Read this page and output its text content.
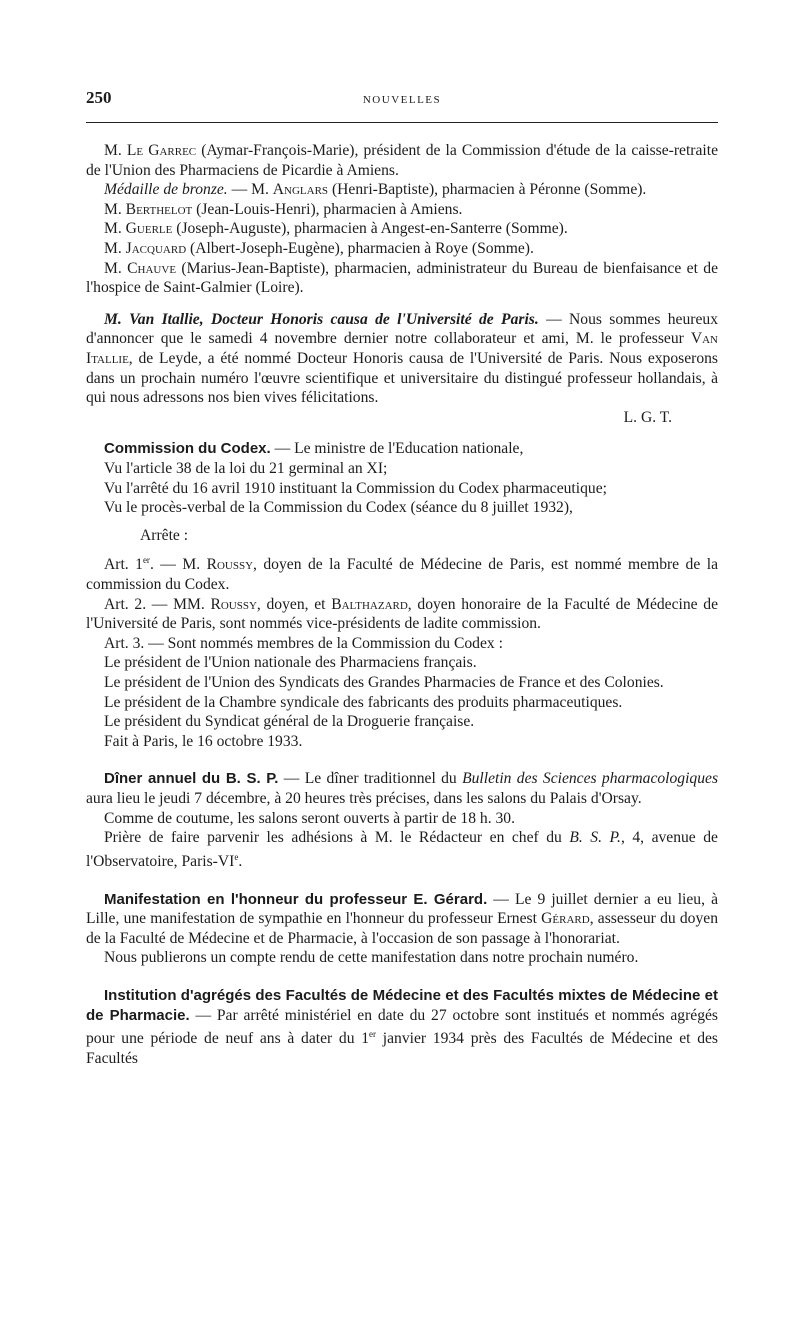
250	NOUVELLES

M. Le Garrec (Aymar-François-Marie), président de la Commission d'étude de la caisse-retraite de l'Union des Pharmaciens de Picardie à Amiens.

Médaille de bronze. — M. Anglars (Henri-Baptiste), pharmacien à Péronne (Somme).

M. Berthelot (Jean-Louis-Henri), pharmacien à Amiens.

M. Guerle (Joseph-Auguste), pharmacien à Angest-en-Santerre (Somme).

M. Jacquard (Albert-Joseph-Eugène), pharmacien à Roye (Somme).

M. Chauve (Marius-Jean-Baptiste), pharmacien, administrateur du Bureau de bienfaisance et de l'hospice de Saint-Galmier (Loire).

M. Van Itallie, Docteur Honoris causa de l'Université de Paris. — Nous sommes heureux d'annoncer que le samedi 4 novembre dernier notre collaborateur et ami, M. le professeur Van Itallie, de Leyde, a été nommé Docteur Honoris causa de l'Université de Paris. Nous exposerons dans un prochain numéro l'œuvre scientifique et universitaire du distingué professeur hollandais, à qui nous adressons nos bien vives félicitations.

L. G. T.

Commission du Codex. — Le ministre de l'Education nationale,

Vu l'article 38 de la loi du 21 germinal an XI;

Vu l'arrêté du 16 avril 1910 instituant la Commission du Codex pharmaceutique;

Vu le procès-verbal de la Commission du Codex (séance du 8 juillet 1932),

Arrête :

Art. 1er. — M. Roussy, doyen de la Faculté de Médecine de Paris, est nommé membre de la commission du Codex.

Art. 2. — MM. Roussy, doyen, et Balthazard, doyen honoraire de la Faculté de Médecine de l'Université de Paris, sont nommés vice-présidents de ladite commission.

Art. 3. — Sont nommés membres de la Commission du Codex :

Le président de l'Union nationale des Pharmaciens français.

Le président de l'Union des Syndicats des Grandes Pharmacies de France et des Colonies.

Le président de la Chambre syndicale des fabricants des produits pharmaceutiques.

Le président du Syndicat général de la Droguerie française.

Fait à Paris, le 16 octobre 1933.

Dîner annuel du B. S. P. — Le dîner traditionnel du Bulletin des Sciences pharmacologiques aura lieu le jeudi 7 décembre, à 20 heures très précises, dans les salons du Palais d'Orsay.

Comme de coutume, les salons seront ouverts à partir de 18 h. 30.

Prière de faire parvenir les adhésions à M. le Rédacteur en chef du B. S. P., 4, avenue de l'Observatoire, Paris-VIe.

Manifestation en l'honneur du professeur E. Gérard. — Le 9 juillet dernier a eu lieu, à Lille, une manifestation de sympathie en l'honneur du professeur Ernest Gérard, assesseur du doyen de la Faculté de Médecine et de Pharmacie, à l'occasion de son passage à l'honorariat.

Nous publierons un compte rendu de cette manifestation dans notre prochain numéro.

Institution d'agrégés des Facultés de Médecine et des Facultés mixtes de Médecine et de Pharmacie. — Par arrêté ministériel en date du 27 octobre sont institués et nommés agrégés pour une période de neuf ans à dater du 1er janvier 1934 près des Facultés de Médecine et des Facultés
